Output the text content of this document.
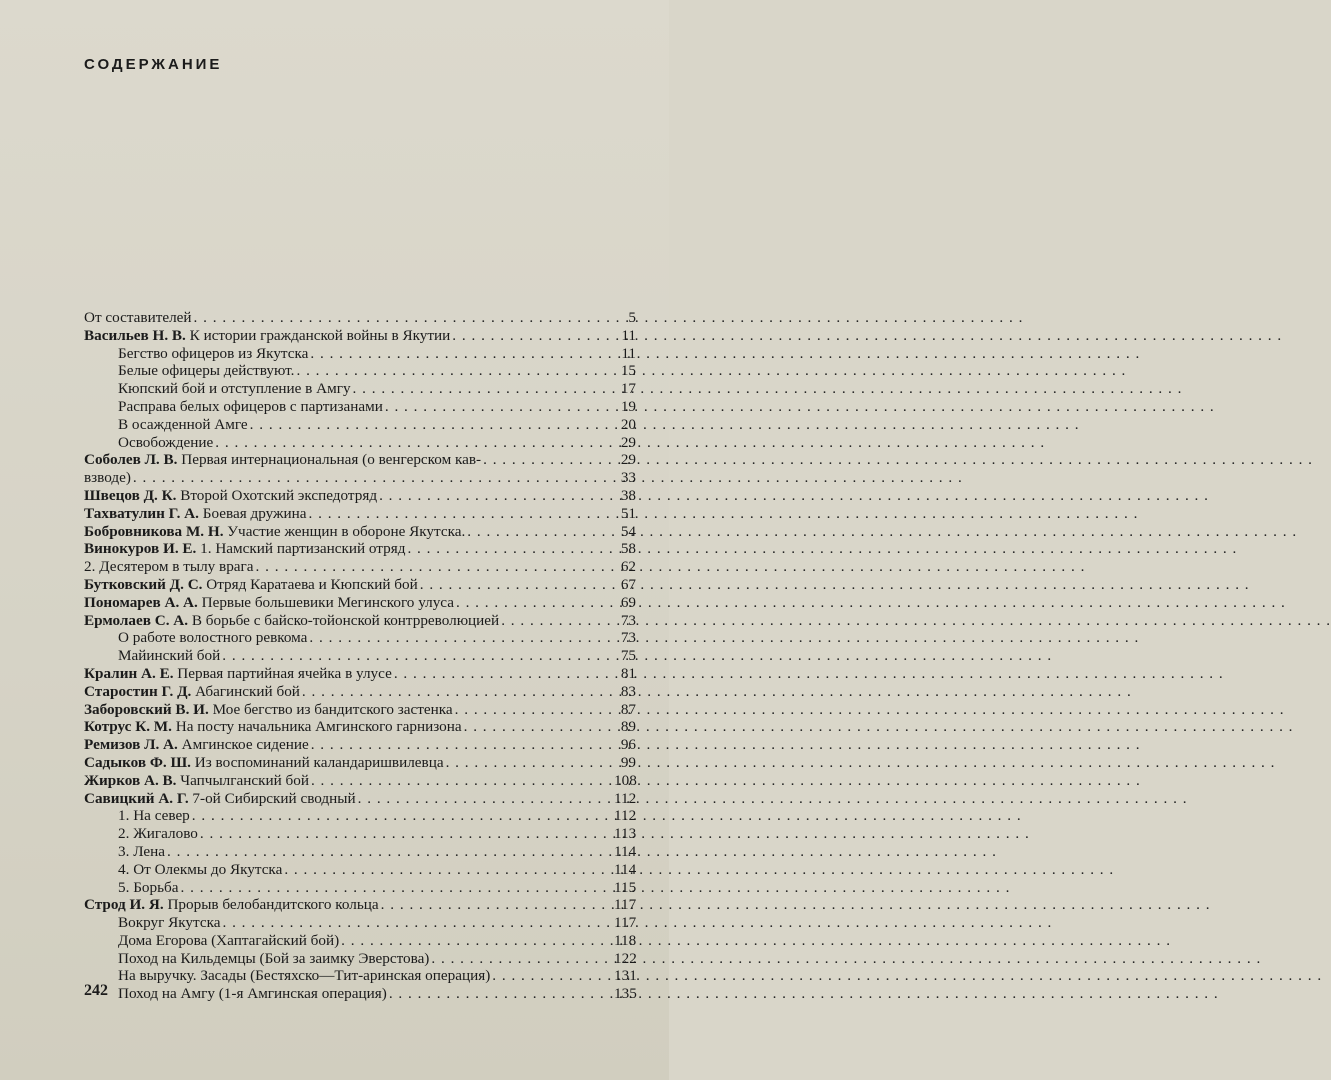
СОДЕРЖАНИЕ
От составителей . . .	5
Васильев Н. В. К истории гражданской войны в Якутии . . .	11
Бегство офицеров из Якутска . . .	11
Белые офицеры действуют. . . .	15
Кюпский бой и отступление в Амгу . . .	17
Расправа белых офицеров с партизанами . . .	19
В осажденной Амге . . .	20
Освобождение . . .	29
Соболев Л. В. Первая интернациональная (о венгерском кав- . . .	29
взводе) . . .	33
Швецов Д. К. Второй Охотский экспедотряд . . .	38
Тахватулин Г. А. Боевая дружина . . .	51
Бобровникова М. Н. Участие женщин в обороне Якутска. . . .	54
Винокуров И. Е. 1. Намский партизанский отряд . . .	58
2. Десятером в тылу врага . . .	62
Бутковский Д. С. Отряд Каратаева и Кюпский бой . . .	67
Пономарев А. А. Первые большевики Мегинского улуса . . .	69
Ермолаев С. А. В борьбе с байско-тойонской контрреволюцией . . .	73
О работе волостного ревкома . . .	73
Майинский бой . . .	75
Кралин А. Е. Первая партийная ячейка в улусе . . .	81
Старостин Г. Д. Абагинский бой . . .	83
Заборовский В. И. Мое бегство из бандитского застенка . . .	87
Котрус К. М. На посту начальника Амгинского гарнизона . . .	89
Ремизов Л. А. Амгинское сидение . . .	96
Садыков Ф. Ш. Из воспоминаний каландаришвилевца . . .	99
Жирков А. В. Чапчылганский бой . . .	108
Савицкий А. Г. 7-ой Сибирский сводный . . .	112
1. На север . . .	112
2. Жигалово . . .	113
3. Лена . . .	114
4. От Олекмы до Якутска . . .	114
5. Борьба . . .	115
Строд И. Я. Прорыв белобандитского кольца . . .	117
Вокруг Якутска . . .	117
Дома Егорова (Хаптагайский бой) . . .	118
Поход на Кильдемцы (Бой за заимку Эверстова) . . .	122
На выручку. Засады (Бестяхско—Тит-аринская операция) . . .	131
Поход на Амгу (1-я Амгинская операция) . . .	135

242
